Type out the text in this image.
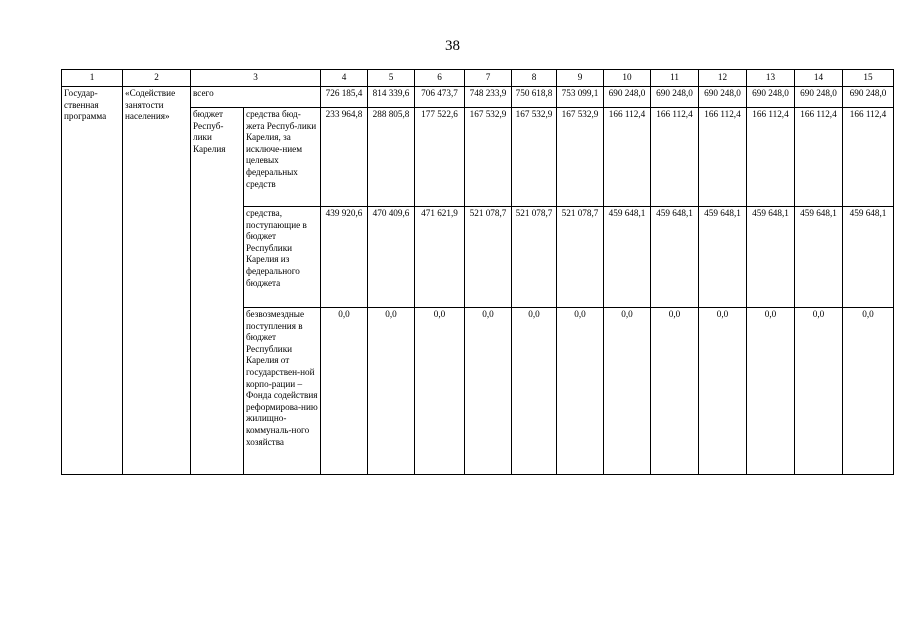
38
1	2	3		4	5	6	7	8	9	10	11	12	13	14	15
Государ-ственная программа	«Содействие занятости населения»	всего		726 185,4	814 339,6	706 473,7	748 233,9	750 618,8	753 099,1	690 248,0	690 248,0	690 248,0	690 248,0	690 248,0	690 248,0
		бюджет Респуб-лики Карелия	средства бюд-жета Респуб-лики Карелия, за исключе-нием целевых федеральных средств	233 964,8	288 805,8	177 522,6	167 532,9	167 532,9	167 532,9	166 112,4	166 112,4	166 112,4	166 112,4	166 112,4	166 112,4
			средства, поступающие в бюджет Республики Карелия из федерального бюджета	439 920,6	470 409,6	471 621,9	521 078,7	521 078,7	521 078,7	459 648,1	459 648,1	459 648,1	459 648,1	459 648,1	459 648,1
			безвозмездные поступления в бюджет Республики Карелия от государствен-ной корпо-рации – Фонда содействия реформирова-нию жилищно-коммуналь-ного хозяйства	0,0	0,0	0,0	0,0	0,0	0,0	0,0	0,0	0,0	0,0	0,0	0,0
